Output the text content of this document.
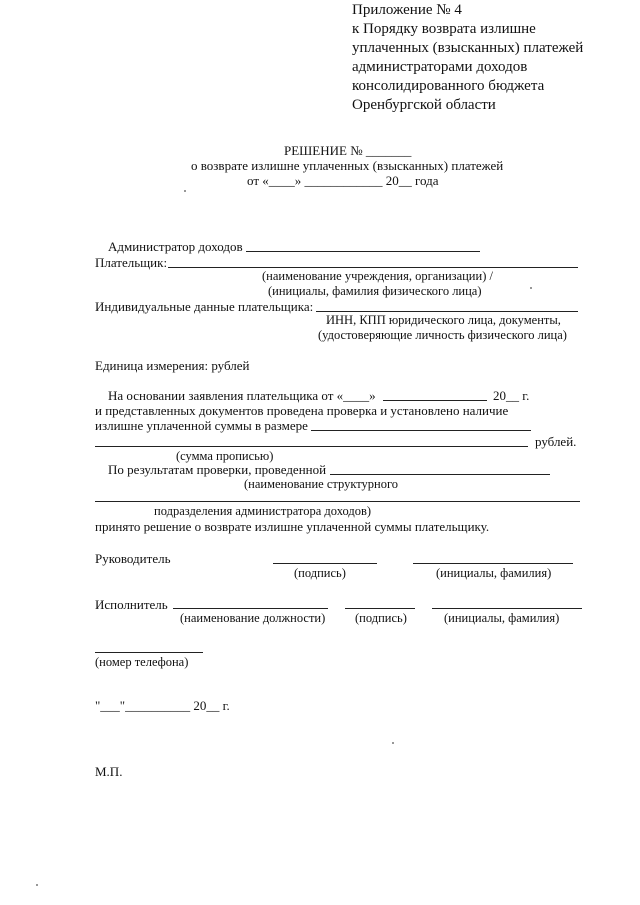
Приложение № 4
к Порядку возврата излишне
уплаченных (взысканных) платежей
администраторами доходов
консолидированного бюджета
Оренбургской области
РЕШЕНИЕ № _______
о возврате излишне уплаченных (взысканных) платежей
от «____» ____________ 20__ года
Администратор доходов
Плательщик:
(наименование учреждения, организации) /
(инициалы, фамилия физического лица)
Индивидуальные данные плательщика:
ИНН, КПП юридического лица, документы,
(удостоверяющие личность физического лица)
Единица измерения: рублей
На основании заявления плательщика от «____»	20__ г.
и представленных документов проведена проверка и установлено наличие
излишне уплаченной суммы в размере
рублей.
(сумма прописью)
По результатам проверки, проведенной
(наименование структурного
подразделения администратора доходов)
принято решение о возврате излишне уплаченной суммы плательщику.
Руководитель
(подпись)	(инициалы, фамилия)
Исполнитель
(наименование должности) (подпись)	(инициалы, фамилия)
(номер телефона)
"___"__________ 20__ г.
М.П.
